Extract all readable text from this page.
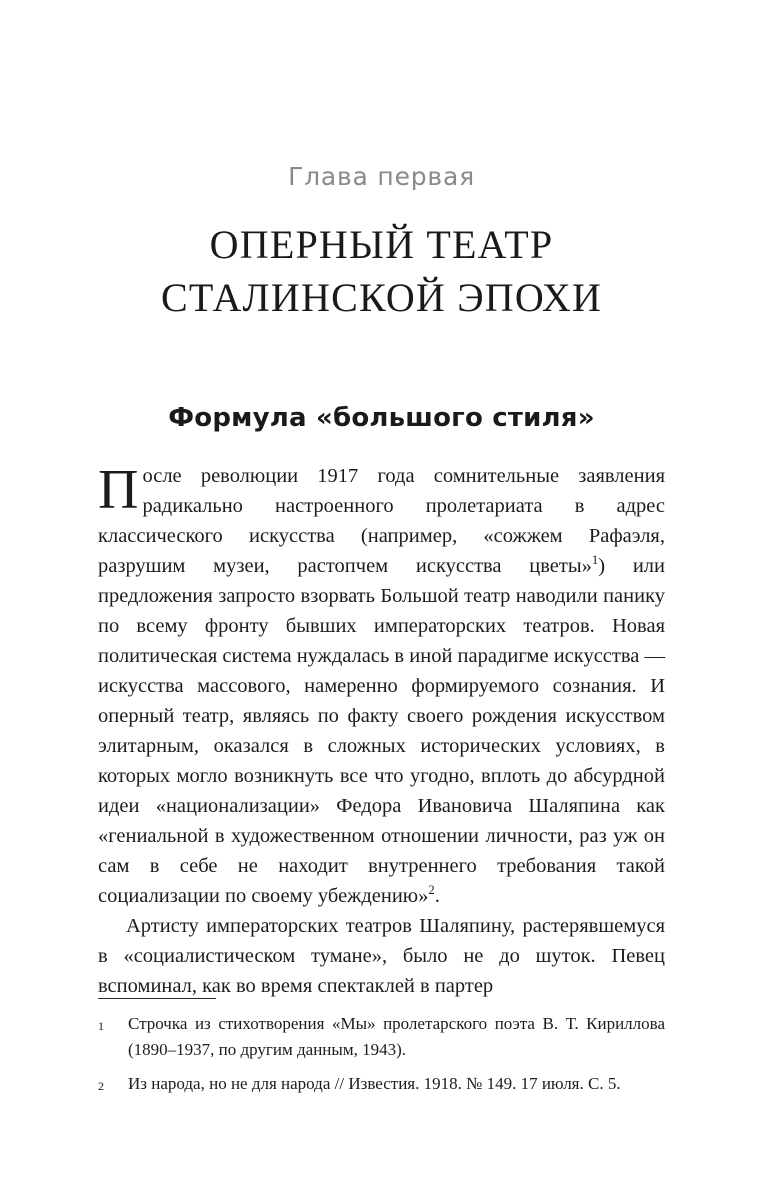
Глава первая
ОПЕРНЫЙ ТЕАТР
СТАЛИНСКОЙ ЭПОХИ
Формула «большого стиля»

После революции 1917 года сомнительные заявления радикально настроенного пролетариата в адрес классического искусства (например, «сожжем Рафаэля, разрушим музеи, растопчем искусства цветы»$^1$) или предложения запросто взорвать Большой театр наводили панику по всему фронту бывших императорских театров. Новая политическая система нуждалась в иной парадигме искусства — искусства массового, намеренно формируемого сознания. И оперный театр, являясь по факту своего рождения искусством элитарным, оказался в сложных исторических условиях, в которых могло возникнуть все что угодно, вплоть до абсурдной идеи «национализации» Федора Ивановича Шаляпина как «гениальной в художественном отношении личности, раз уж он сам в себе не находит внутреннего требования такой социализации по своему убеждению»$^2$.

Артисту императорских театров Шаляпину, растерявшемуся в «социалистическом тумане», было не до шуток. Певец вспоминал, как во время спектаклей в партер

1	Строчка из стихотворения «Мы» пролетарского поэта В. Т. Кириллова (1890–1937, по другим данным, 1943).
2	Из народа, но не для народа // Известия. 1918. № 149. 17 июля. С. 5.
